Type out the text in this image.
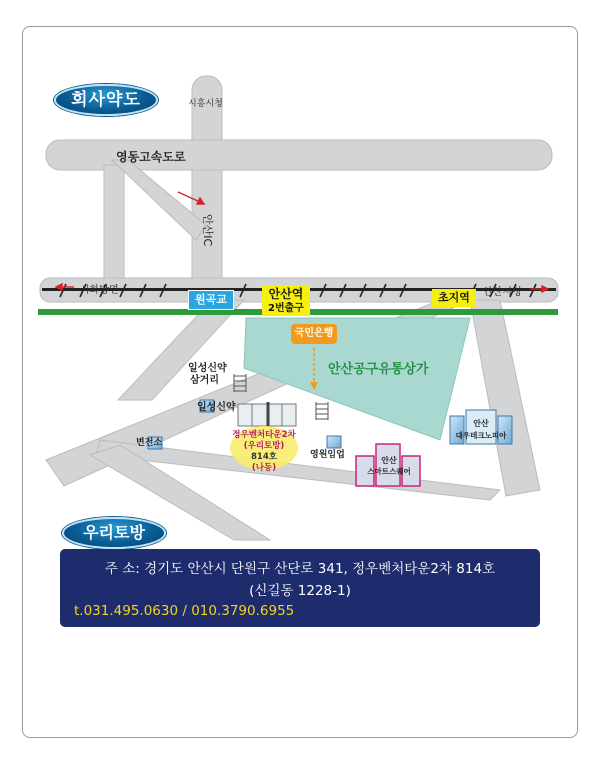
안산IC
회사약도
우리토방
시흥시청
영동고속도로
시화방면	안산시청
원곡교	안산역
2번출구
초지역
국민은행
안산공구유통상가
일성신약
삼거리
일성신약
변전소
정우벤처타운2차
(우리토방)
814호
(나동)
영원임업
안산
스마트스퀘어
안산
대우테크노피아
주 소: 경기도 안산시 단원구 산단로 341, 정우벤처타운2차 814호
(신길동 1228-1)
t.031.495.0630 / 010.3790.6955
